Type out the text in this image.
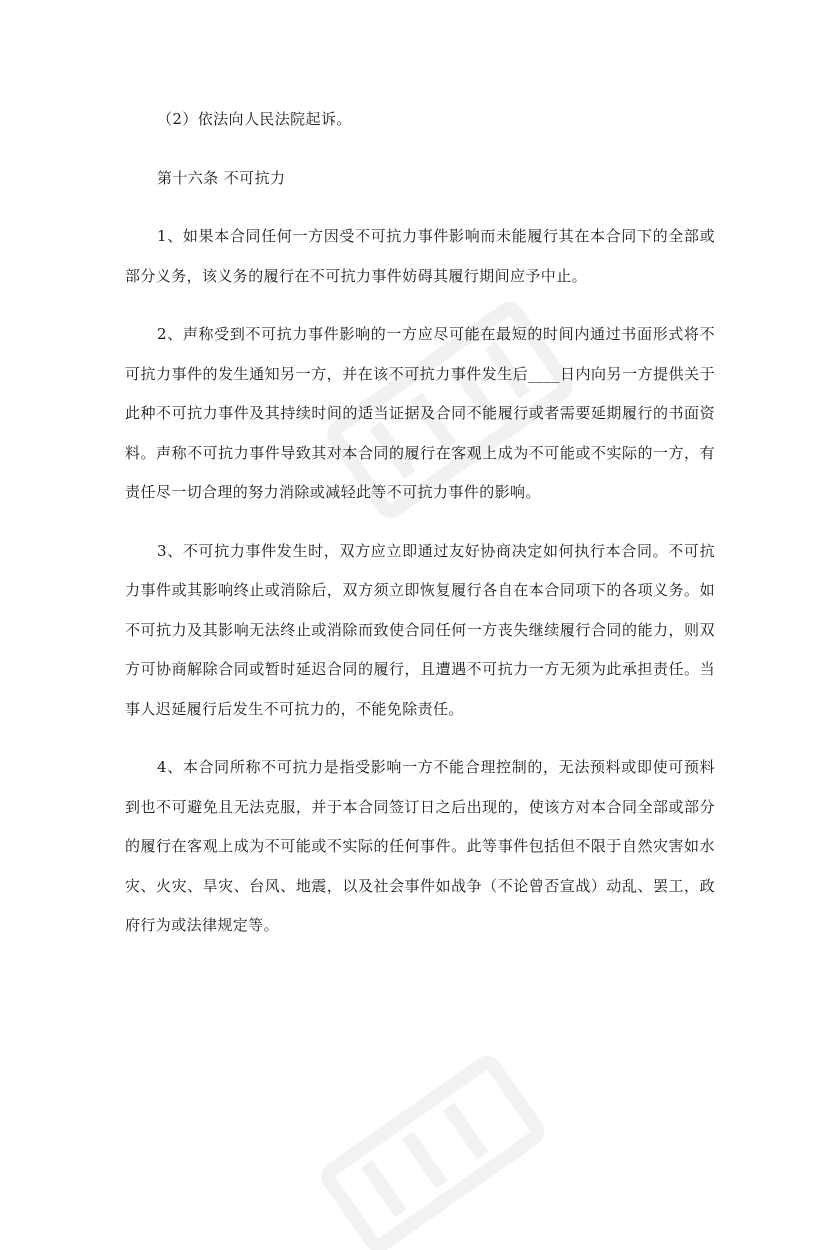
（2）依法向人民法院起诉。

第十六条 不可抗力

1、如果本合同任何一方因受不可抗力事件影响而未能履行其在本合同下的全部或部分义务，该义务的履行在不可抗力事件妨碍其履行期间应予中止。

2、声称受到不可抗力事件影响的一方应尽可能在最短的时间内通过书面形式将不可抗力事件的发生通知另一方，并在该不可抗力事件发生后____日内向另一方提供关于此种不可抗力事件及其持续时间的适当证据及合同不能履行或者需要延期履行的书面资料。声称不可抗力事件导致其对本合同的履行在客观上成为不可能或不实际的一方，有责任尽一切合理的努力消除或减轻此等不可抗力事件的影响。

3、不可抗力事件发生时，双方应立即通过友好协商决定如何执行本合同。不可抗力事件或其影响终止或消除后，双方须立即恢复履行各自在本合同项下的各项义务。如不可抗力及其影响无法终止或消除而致使合同任何一方丧失继续履行合同的能力，则双方可协商解除合同或暂时延迟合同的履行，且遭遇不可抗力一方无须为此承担责任。当事人迟延履行后发生不可抗力的，不能免除责任。

4、本合同所称不可抗力是指受影响一方不能合理控制的，无法预料或即使可预料到也不可避免且无法克服，并于本合同签订日之后出现的，使该方对本合同全部或部分的履行在客观上成为不可能或不实际的任何事件。此等事件包括但不限于自然灾害如水灾、火灾、旱灾、台风、地震，以及社会事件如战争（不论曾否宣战）动乱、罢工，政府行为或法律规定等。
